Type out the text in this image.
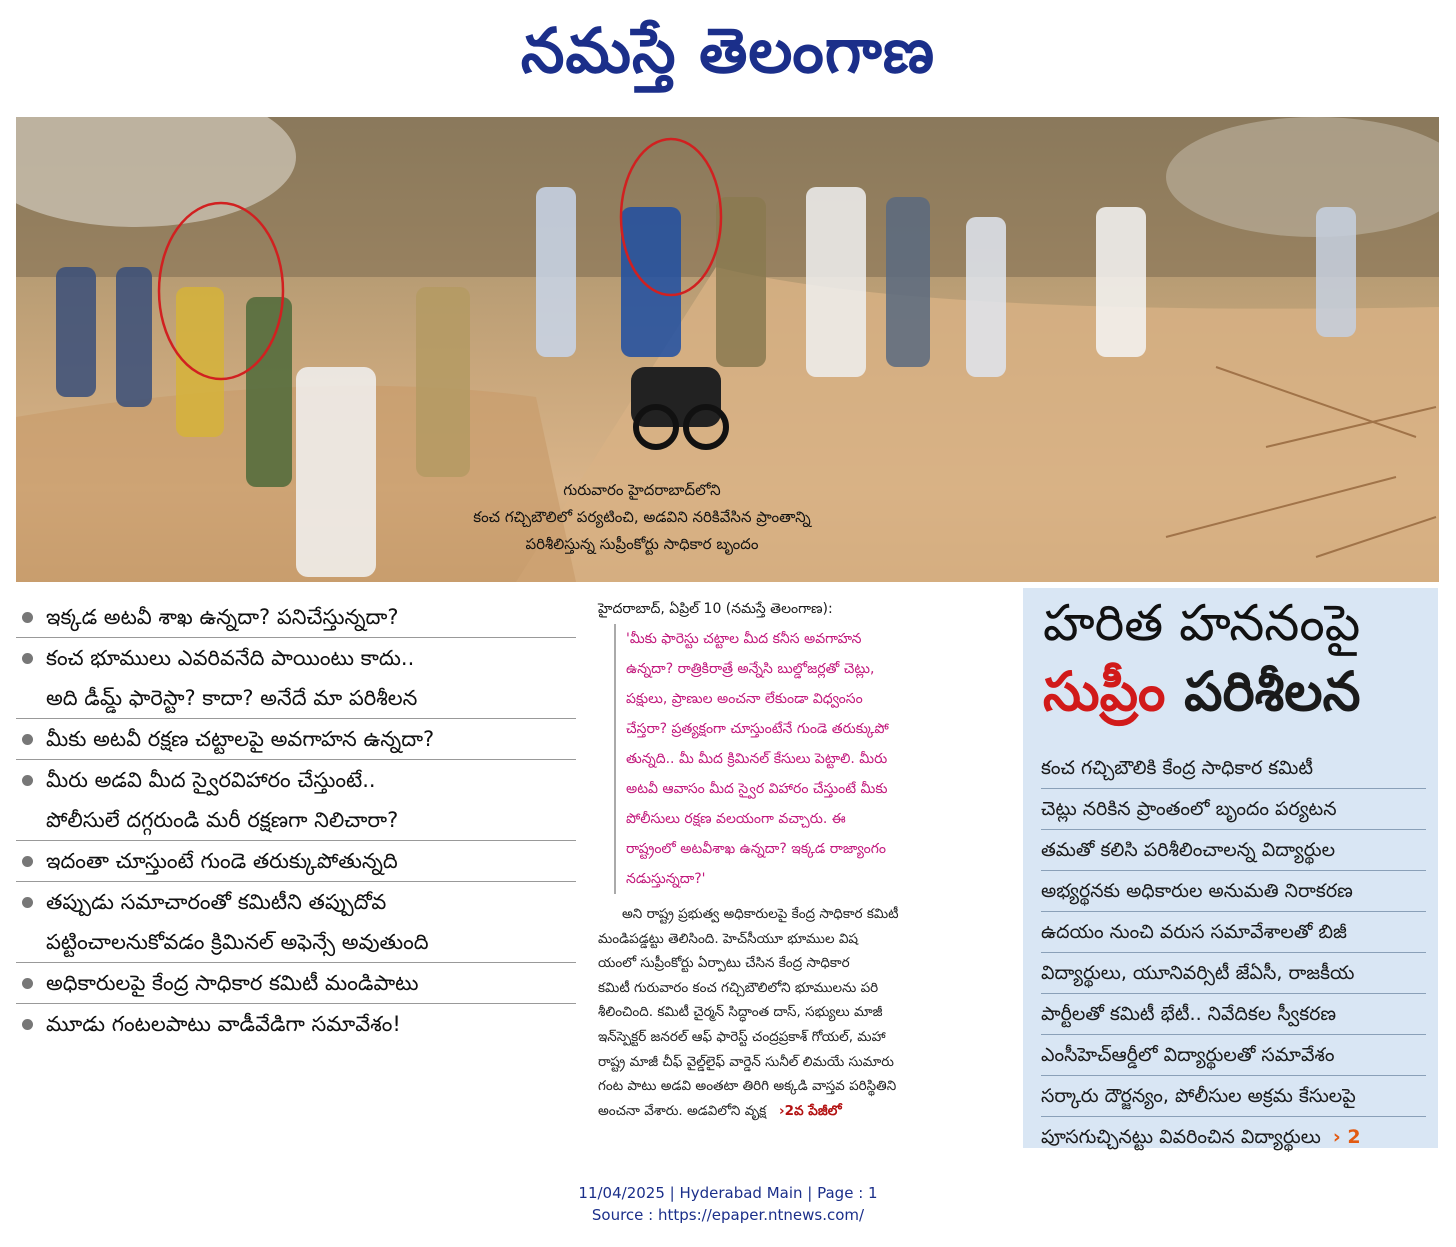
నమస్తే తెలంగాణ
గురువారం హైదరాబాద్‌లోని
కంచ గచ్చిబౌలిలో పర్యటించి, అడవిని నరికివేసిన ప్రాంతాన్ని
పరిశీలిస్తున్న సుప్రీంకోర్టు సాధికార బృందం
ఇక్కడ అటవీ శాఖ ఉన్నదా? పనిచేస్తున్నదా?
కంచ భూములు ఎవరివనేది పాయింటు కాదు..
అది డీమ్డ్ ఫారెస్టా? కాదా? అనేదే మా పరిశీలన
మీకు అటవీ రక్షణ చట్టాలపై అవగాహన ఉన్నదా?
మీరు అడవి మీద స్వైరవిహారం చేస్తుంటే..
పోలీసులే దగ్గరుండి మరీ రక్షణగా నిలిచారా?
ఇదంతా చూస్తుంటే గుండె తరుక్కుపోతున్నది
తప్పుడు సమాచారంతో కమిటీని తప్పుదోవ
పట్టించాలనుకోవడం క్రిమినల్ అఫెన్సే అవుతుంది
అధికారులపై కేంద్ర సాధికార కమిటీ మండిపాటు
మూడు గంటలపాటు వాడీవేడిగా సమావేశం!
హైదరాబాద్, ఏప్రిల్ 10 (నమస్తే తెలంగాణ):
'మీకు ఫారెస్టు చట్టాల మీద కనీస అవగాహన
ఉన్నదా? రాత్రికిరాత్రే అన్నేసి బుల్డోజర్లతో చెట్లు,
పక్షులు, ప్రాణుల అంచనా లేకుండా విధ్వంసం
చేస్తరా? ప్రత్యక్షంగా చూస్తుంటేనే గుండె తరుక్కుపో
తున్నది.. మీ మీద క్రిమినల్ కేసులు పెట్టాలి. మీరు
అటవీ ఆవాసం మీద స్వైర విహారం చేస్తుంటే మీకు
పోలీసులు రక్షణ వలయంగా వచ్చారు. ఈ
రాష్ట్రంలో అటవీశాఖ ఉన్నదా? ఇక్కడ రాజ్యాంగం
నడుస్తున్నదా?'
అని రాష్ట్ర ప్రభుత్వ అధికారులపై కేంద్ర సాధికార కమిటీ
మండిపడ్డట్టు తెలిసింది. హెచ్‌సీయూ భూముల విష
యంలో సుప్రీంకోర్టు ఏర్పాటు చేసిన కేంద్ర సాధికార
కమిటీ గురువారం కంచ గచ్చిబౌలిలోని భూములను పరి
శీలించింది. కమిటీ చైర్మన్ సిద్ధాంత దాస్, సభ్యులు మాజీ
ఇన్‌స్పెక్టర్ జనరల్ ఆఫ్ ఫారెస్ట్ చంద్రప్రకాశ్ గోయల్, మహా
రాష్ట్ర మాజీ చీఫ్ వైల్డ్‌లైఫ్ వార్డెన్ సునీల్ లిమయే సుమారు
గంట పాటు అడవి అంతటా తిరిగి అక్కడి వాస్తవ పరిస్థితిని
అంచనా వేశారు. అడవిలోని వృక్ష ›2వ పేజీలో
హరిత హననంపై
సుప్రీం పరిశీలన
కంచ గచ్చిబౌలికి కేంద్ర సాధికార కమిటీ
చెట్లు నరికిన ప్రాంతంలో బృందం పర్యటన
తమతో కలిసి పరిశీలించాలన్న విద్యార్థుల
అభ్యర్థనకు అధికారుల అనుమతి నిరాకరణ
ఉదయం నుంచి వరుస సమావేశాలతో బిజీ
విద్యార్థులు, యూనివర్సిటీ జేఏసీ, రాజకీయ
పార్టీలతో కమిటీ భేటీ.. నివేదికల స్వీకరణ
ఎంసీహెచ్ఆర్డీలో విద్యార్థులతో సమావేశం
సర్కారు దౌర్జన్యం, పోలీసుల అక్రమ కేసులపై
పూసగుచ్చినట్టు వివరించిన విద్యార్థులు › 2
11/04/2025 | Hyderabad Main | Page : 1
Source : https://epaper.ntnews.com/
